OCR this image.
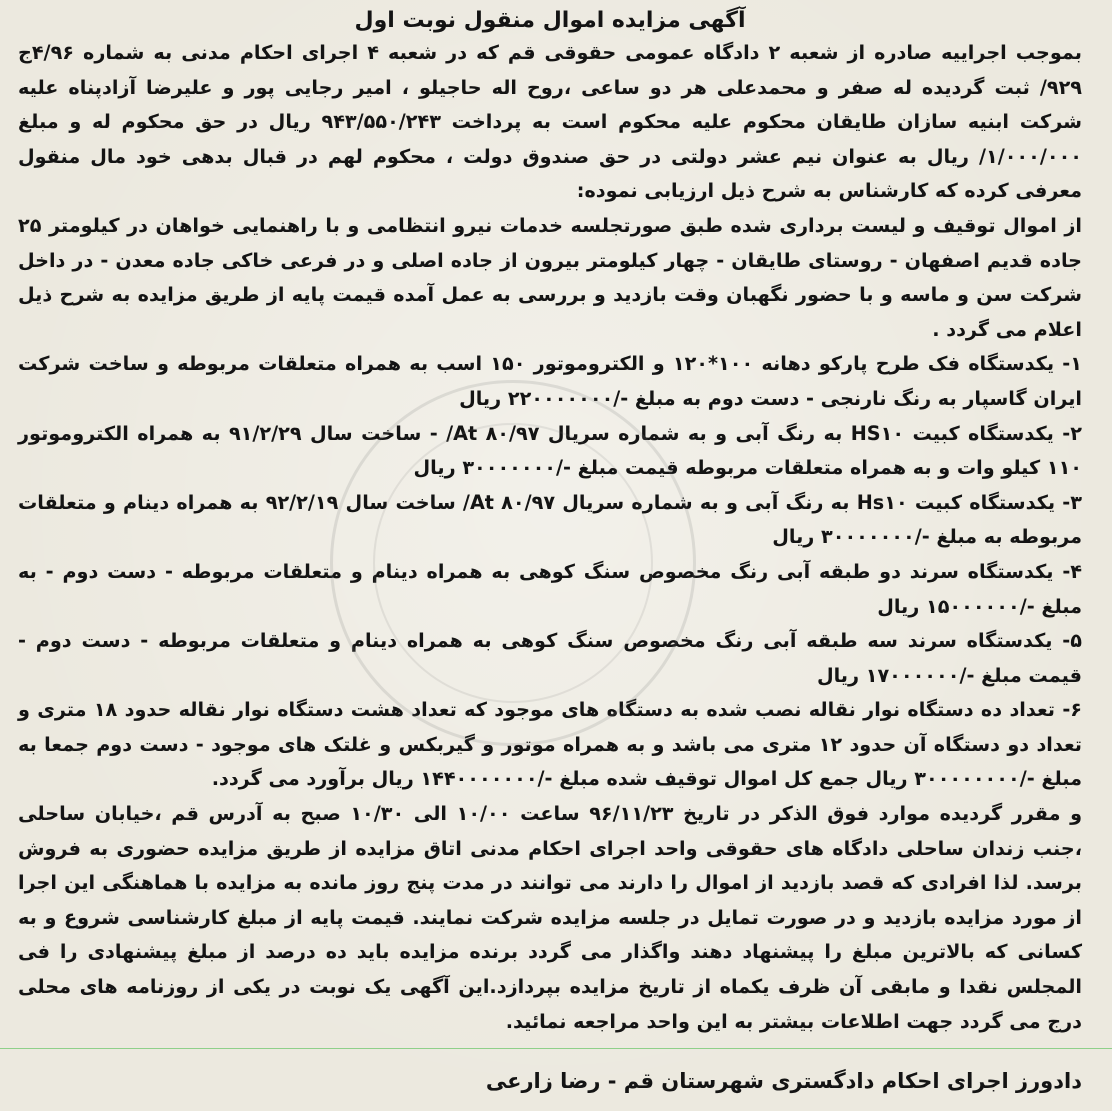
آگهی مزایده اموال منقول نوبت اول

بموجب اجراییه صادره از شعبه ۲ دادگاه عمومی حقوقی قم که در شعبه ۴ اجرای احکام مدنی به شماره ۴/۹۶ج ۹۲۹/ ثبت گردیده له صفر و محمدعلی هر دو ساعی ،روح اله حاجیلو ، امیر رجایی پور و علیرضا آزادپناه علیه شرکت ابنیه سازان طایقان محکوم علیه محکوم است به پرداخت ۹۴۳/۵۵۰/۲۴۳ ریال در حق محکوم له و مبلغ ۱/۰۰۰/۰۰۰/ ریال به عنوان نیم عشر دولتی در حق صندوق دولت ، محکوم لهم در قبال بدهی خود مال منقول معرفی کرده که کارشناس به شرح ذیل ارزیابی نموده:

از اموال توقیف و لیست برداری شده طبق صورتجلسه خدمات نیرو انتظامی و با راهنمایی خواهان در کیلومتر ۲۵ جاده قدیم اصفهان - روستای طایقان - چهار کیلومتر بیرون از جاده اصلی و در فرعی خاکی جاده معدن - در داخل شرکت سن و ماسه و با حضور نگهبان وقت بازدید و بررسی به عمل آمده قیمت پایه از طریق مزایده به شرح ذیل اعلام می گردد .

۱- یکدستگاه فک طرح پارکو دهانه ۱۰۰*۱۲۰ و الکتروموتور ۱۵۰ اسب به همراه متعلقات مربوطه و ساخت شرکت ایران گاسپار به رنگ نارنجی - دست دوم به مبلغ -/۲۲۰۰۰۰۰۰۰ ریال

۲- یکدستگاه کبیت HS۱۰ به رنگ آبی و به شماره سریال At ۸۰/۹۷/ - ساخت سال ۹۱/۲/۲۹ به همراه الکتروموتور ۱۱۰ کیلو وات و به همراه متعلقات مربوطه قیمت مبلغ -/۳۰۰۰۰۰۰۰ ریال

۳- یکدستگاه کبیت Hs۱۰ به رنگ آبی و به شماره سریال At ۸۰/۹۷/ ساخت سال ۹۲/۲/۱۹ به همراه دینام و متعلقات مربوطه به مبلغ -/۳۰۰۰۰۰۰۰ ریال

۴- یکدستگاه سرند دو طبقه آبی رنگ مخصوص سنگ کوهی به همراه دینام و متعلقات مربوطه - دست دوم - به مبلغ -/۱۵۰۰۰۰۰۰ ریال

۵- یکدستگاه سرند سه طبقه آبی رنگ مخصوص سنگ کوهی به همراه دینام و متعلقات مربوطه - دست دوم - قیمت مبلغ -/۱۷۰۰۰۰۰۰ ریال

۶- تعداد ده دستگاه نوار نقاله نصب شده به دستگاه های موجود که تعداد هشت دستگاه نوار نقاله حدود ۱۸ متری و تعداد دو دستگاه آن حدود ۱۲ متری می باشد و به همراه موتور و گیربکس و غلتک های موجود - دست دوم جمعا به مبلغ -/۳۰۰۰۰۰۰۰۰ ریال جمع کل اموال توقیف شده مبلغ -/۱۴۴۰۰۰۰۰۰۰ ریال برآورد می گردد.

و مقرر گردیده موارد فوق الذکر در تاریخ ۹۶/۱۱/۲۳ ساعت ۱۰/۰۰ الی ۱۰/۳۰ صبح به آدرس قم ،خیابان ساحلی ،جنب زندان ساحلی دادگاه های حقوقی واحد اجرای احکام مدنی اتاق مزایده از طریق مزایده حضوری به فروش برسد. لذا افرادی که قصد بازدید از اموال را دارند می توانند در مدت پنج روز مانده به مزایده با هماهنگی این اجرا از مورد مزایده بازدید و در صورت تمایل در جلسه مزایده شرکت نمایند. قیمت پایه از مبلغ کارشناسی شروع و به کسانی که بالاترین مبلغ را پیشنهاد دهند واگذار می گردد برنده مزایده باید ده درصد از مبلغ پیشنهادی را فی المجلس نقدا و مابقی آن ظرف یکماه از تاریخ مزایده بپردازد.این آگهی یک نوبت در یکی از روزنامه های محلی درج می گردد جهت اطلاعات بیشتر به این واحد مراجعه نمائید.

دادورز اجرای احکام دادگستری شهرستان قم - رضا زارعی
